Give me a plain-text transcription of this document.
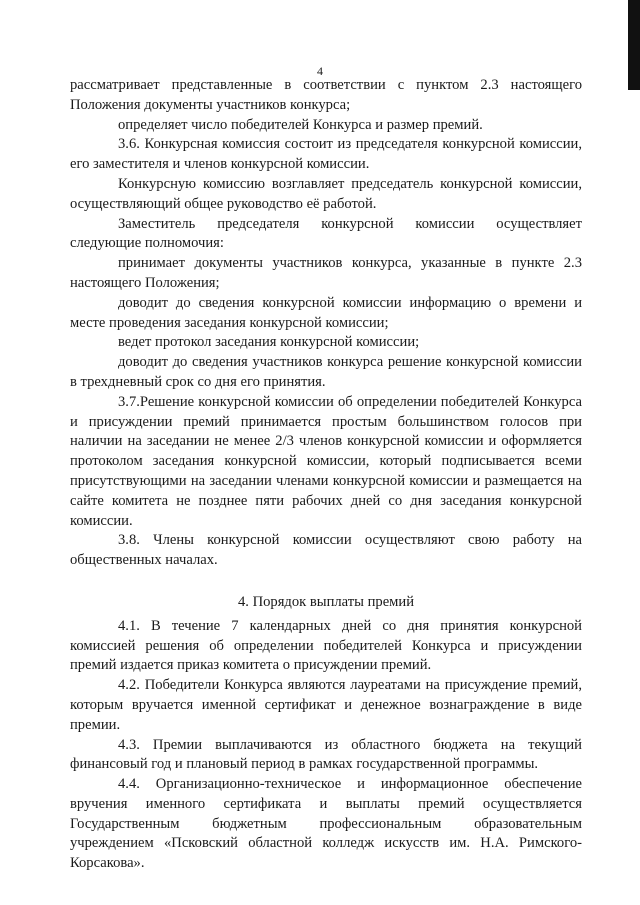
4

рассматривает представленные в соответствии с пунктом 2.3 настоящего Положения документы участников конкурса;

определяет число победителей Конкурса и размер премий.

3.6. Конкурсная комиссия состоит из председателя конкурсной комиссии, его заместителя и членов конкурсной комиссии.

Конкурсную комиссию возглавляет председатель конкурсной комиссии, осуществляющий общее руководство её работой.

Заместитель председателя конкурсной комиссии осуществляет следующие полномочия:

принимает документы участников конкурса, указанные в пункте 2.3 настоящего Положения;

доводит до сведения конкурсной комиссии информацию о времени и месте проведения заседания конкурсной комиссии;

ведет протокол заседания конкурсной комиссии;

доводит до сведения участников конкурса решение конкурсной комиссии в трехдневный срок со дня его принятия.

3.7.Решение конкурсной комиссии об определении победителей Конкурса и присуждении премий принимается простым большинством голосов при наличии на заседании не менее 2/3 членов конкурсной комиссии и оформляется протоколом заседания конкурсной комиссии, который подписывается всеми присутствующими на заседании членами конкурсной комиссии и размещается на сайте комитета не позднее пяти рабочих дней со дня заседания конкурсной комиссии.

3.8. Члены конкурсной комиссии осуществляют свою работу на общественных началах.

4. Порядок выплаты премий

4.1. В течение 7 календарных дней со дня принятия конкурсной комиссией решения об определении победителей Конкурса и присуждении премий издается приказ комитета о присуждении премий.

4.2. Победители Конкурса являются лауреатами на присуждение премий, которым вручается именной сертификат и денежное вознаграждение в виде премии.

4.3. Премии выплачиваются из областного бюджета на текущий финансовый год и плановый период в рамках государственной программы.

4.4. Организационно-техническое и информационное обеспечение вручения именного сертификата и выплаты премий осуществляется Государственным бюджетным профессиональным образовательным учреждением «Псковский областной колледж искусств им. Н.А. Римского-Корсакова».
